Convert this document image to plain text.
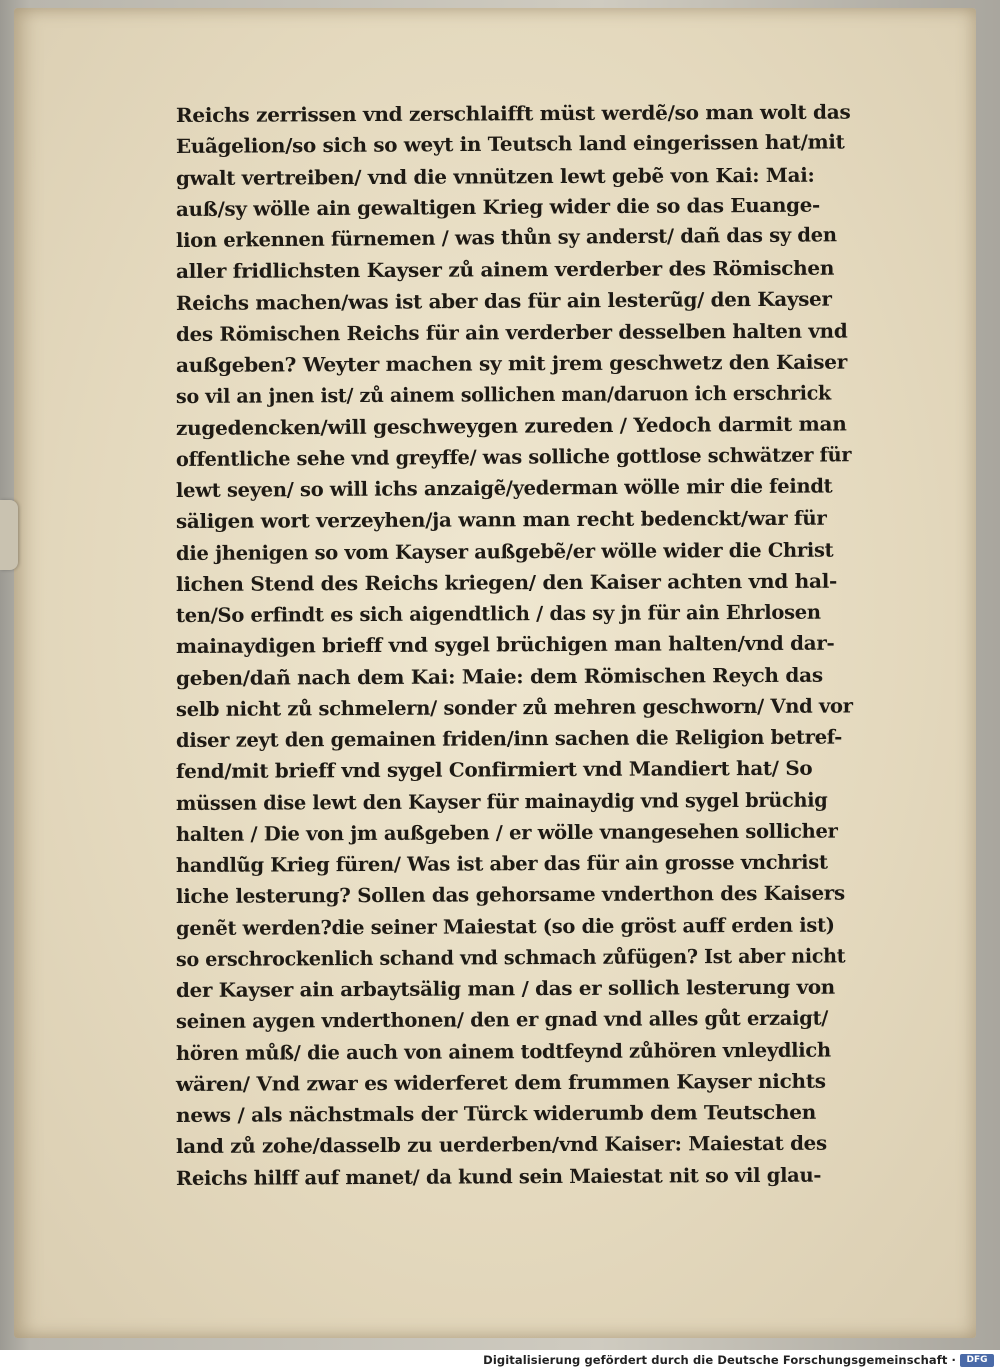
Reichs zerrissen vnd zerschlaifft müst werdẽ/so man wolt das
Euãgelion/so sich so weyt in Teutsch land eingerissen hat/mit
gwalt vertreiben/ vnd die vnnützen lewt gebẽ von Kai: Mai:
auß/sy wölle ain gewaltigen Krieg wider die so das Euange-
lion erkennen fürnemen / was thůn sy anderst/ dañ das sy den
aller fridlichsten Kayser zů ainem verderber des Römischen
Reichs machen/was ist aber das für ain lesterũg/ den Kayser
des Römischen Reichs für ain verderber desselben halten vnd
außgeben? Weyter machen sy mit jrem geschwetz den Kaiser
so vil an jnen ist/ zů ainem sollichen man/daruon ich erschrick
zugedencken/will geschweygen zureden / Yedoch darmit man
offentliche sehe vnd greyffe/ was solliche gottlose schwätzer für
lewt seyen/ so will ichs anzaigẽ/yederman wölle mir die feindt
säligen wort verzeyhen/ja wann man recht bedenckt/war für
die jhenigen so vom Kayser außgebẽ/er wölle wider die Christ
lichen Stend des Reichs kriegen/ den Kaiser achten vnd hal-
ten/So erfindt es sich aigendtlich / das sy jn für ain Ehrlosen
mainaydigen brieff vnd sygel brüchigen man halten/vnd dar-
geben/dañ nach dem Kai: Maie: dem Römischen Reych das
selb nicht zů schmelern/ sonder zů mehren geschworn/ Vnd vor
diser zeyt den gemainen friden/inn sachen die Religion betref-
fend/mit brieff vnd sygel Confirmiert vnd Mandiert hat/ So
müssen dise lewt den Kayser für mainaydig vnd sygel brüchig
halten / Die von jm außgeben / er wölle vnangesehen sollicher
handlũg Krieg füren/ Was ist aber das für ain grosse vnchrist
liche lesterung? Sollen das gehorsame vnderthon des Kaisers
genẽt werden?die seiner Maiestat (so die gröst auff erden ist)
so erschrockenlich schand vnd schmach zůfügen? Ist aber nicht
der Kayser ain arbaytsälig man / das er sollich lesterung von
seinen aygen vnderthonen/ den er gnad vnd alles gůt erzaigt/
hören můß/ die auch von ainem todtfeynd zůhören vnleydlich
wären/ Vnd zwar es widerferet dem frummen Kayser nichts
news / als nächstmals der Türck widerumb dem Teutschen
land zů zohe/dasselb zu uerderben/vnd Kaiser: Maiestat des
Reichs hilff auf manet/ da kund sein Maiestat nit so vil glau-
Digitalisierung gefördert durch die Deutsche Forschungsgemeinschaft ·	DFG
